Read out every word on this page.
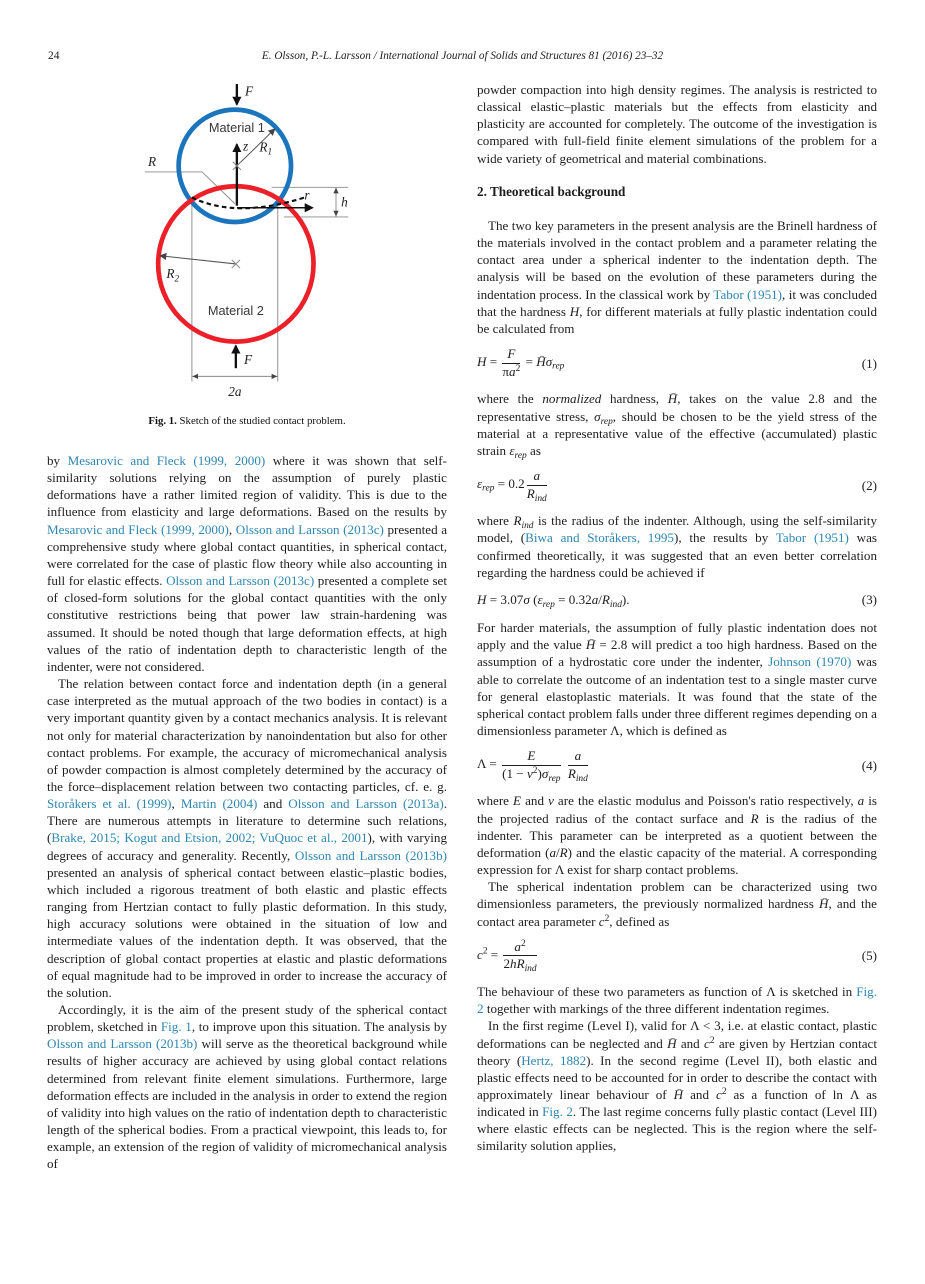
24	E. Olsson, P.-L. Larsson / International Journal of Solids and Structures 81 (2016) 23–32
F
Material 1
z $R_1$
R
r h
$R_2$
Material 2
F
2a
Fig. 1. Sketch of the studied contact problem.

by Mesarovic and Fleck (1999, 2000) where it was shown that self-similarity solutions relying on the assumption of purely plastic deformations have a rather limited region of validity. This is due to the influence from elasticity and large deformations. Based on the results by Mesarovic and Fleck (1999, 2000), Olsson and Larsson (2013c) presented a comprehensive study where global contact quantities, in spherical contact, were correlated for the case of plastic flow theory while also accounting in full for elastic effects. Olsson and Larsson (2013c) presented a complete set of closed-form solutions for the global contact quantities with the only constitutive restrictions being that power law strain-hardening was assumed. It should be noted though that large deformation effects, at high values of the ratio of indentation depth to characteristic length of the indenter, were not considered.

The relation between contact force and indentation depth (in a general case interpreted as the mutual approach of the two bodies in contact) is a very important quantity given by a contact mechanics analysis. It is relevant not only for material characterization by nanoindentation but also for other contact problems. For example, the accuracy of micromechanical analysis of powder compaction is almost completely determined by the accuracy of the force–displacement relation between two contacting particles, cf. e. g. Storåkers et al. (1999), Martin (2004) and Olsson and Larsson (2013a). There are numerous attempts in literature to determine such relations, (Brake, 2015; Kogut and Etsion, 2002; VuQuoc et al., 2001), with varying degrees of accuracy and generality. Recently, Olsson and Larsson (2013b) presented an analysis of spherical contact between elastic–plastic bodies, which included a rigorous treatment of both elastic and plastic effects ranging from Hertzian contact to fully plastic deformation. In this study, high accuracy solutions were obtained in the situation of low and intermediate values of the indentation depth. It was observed, that the description of global contact properties at elastic and plastic deformations of equal magnitude had to be improved in order to increase the accuracy of the solution.

Accordingly, it is the aim of the present study of the spherical contact problem, sketched in Fig. 1, to improve upon this situation. The analysis by Olsson and Larsson (2013b) will serve as the theoretical background while results of higher accuracy are achieved by using global contact relations determined from relevant finite element simulations. Furthermore, large deformation effects are included in the analysis in order to extend the region of validity into high values on the ratio of indentation depth to characteristic length of the spherical bodies. From a practical viewpoint, this leads to, for example, an extension of the region of validity of micromechanical analysis of

powder compaction into high density regimes. The analysis is restricted to classical elastic–plastic materials but the effects from elasticity and plasticity are accounted for completely. The outcome of the investigation is compared with full-field finite element simulations of the problem for a wide variety of geometrical and material combinations.

2. Theoretical background

The two key parameters in the present analysis are the Brinell hardness of the materials involved in the contact problem and a parameter relating the contact area under a spherical indenter to the indentation depth. The analysis will be based on the evolution of these parameters during the indentation process. In the classical work by Tabor (1951), it was concluded that the hardness H, for different materials at fully plastic indentation could be calculated from

$H = \frac{F}{\pi a^2}$ = $H̄\sigma_{rep}$	(1)

where the normalized hardness, H̄, takes on the value 2.8 and the representative stress, $\sigma_{rep}$, should be chosen to be the yield stress of the material at a representative value of the effective (accumulated) plastic strain $\varepsilon_{rep}$ as

$\varepsilon_{rep} = 0.2 \frac{a}{R_{ind}}$	(2)

where $R_{ind}$ is the radius of the indenter. Although, using the self-similarity model, (Biwa and Storåkers, 1995), the results by Tabor (1951) was confirmed theoretically, it was suggested that an even better correlation regarding the hardness could be achieved if

H = 3.07σ $(\varepsilon_{rep} = 0.32a/R_{ind})$.	(3)

For harder materials, the assumption of fully plastic indentation does not apply and the value H̄ = 2.8 will predict a too high hardness. Based on the assumption of a hydrostatic core under the indenter, Johnson (1970) was able to correlate the outcome of an indentation test to a single master curve for general elastoplastic materials. It was found that the state of the spherical contact problem falls under three different regimes depending on a dimensionless parameter Λ, which is defined as

$\Lambda = \frac{E}{(1 - \nu^2)\sigma_{rep}}$
$\frac{a}{R_{ind}}$	(4)

where E and ν are the elastic modulus and Poisson's ratio respectively, a is the projected radius of the contact surface and R is the radius of the indenter. This parameter can be interpreted as a quotient between the deformation (a/R) and the elastic capacity of the material. A corresponding expression for Λ exist for sharp contact problems.

The spherical indentation problem can be characterized using two dimensionless parameters, the previously normalized hardness H̄, and the contact area parameter $c^2$, defined as

$c^2 = \frac{a^2}{2hR_{ind}}$	(5)

The behaviour of these two parameters as function of Λ is sketched in Fig. 2 together with markings of the three different indentation regimes.

In the first regime (Level I), valid for Λ < 3, i.e. at elastic contact, plastic deformations can be neglected and H̄ and $c^2$ are given by Hertzian contact theory (Hertz, 1882). In the second regime (Level II), both elastic and plastic effects need to be accounted for in order to describe the contact with approximately linear behaviour of H̄ and $c^2$ as a function of ln Λ as indicated in Fig. 2. The last regime concerns fully plastic contact (Level III) where elastic effects can be neglected. This is the region where the self-similarity solution applies,
